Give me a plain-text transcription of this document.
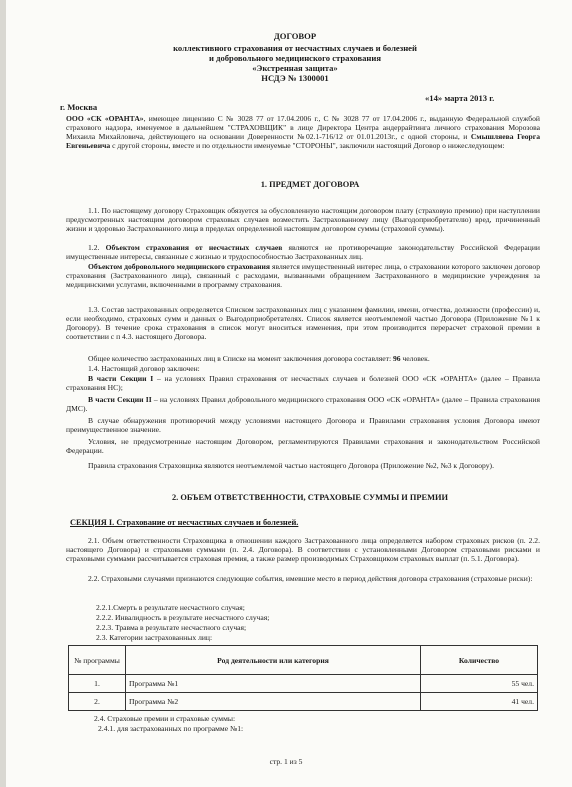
ДОГОВОР
коллективного страхования от несчастных случаев и болезней
и добровольного медицинского страхования
«Экстренная защита»
НСДЭ № 1300001
«14» марта 2013 г.
г. Москва
ООО «СК «ОРАНТА», имеющее лицензию С № 3028 77 от 17.04.2006 г., С № 3028 77 от 17.04.2006 г., выданную Федеральной службой страхового надзора, именуемое в дальнейшем "СТРАХОВЩИК" в лице Директора Центра андеррайтинга личного страхования Морозова Михаила Михайловича, действующего на основании Доверенности №02.1-716/12 от 01.01.2013г., с одной стороны, и Смышляева Георга Евгеньевича с другой стороны, вместе и по отдельности именуемые "СТОРОНЫ", заключили настоящий Договор о нижеследующем:
1. ПРЕДМЕТ ДОГОВОРА
1.1. По настоящему договору Страховщик обязуется за обусловленную настоящим договором плату (страховую премию) при наступлении предусмотренных настоящим договором страховых случаев возместить Застрахованному лицу (Выгодоприобретателю) вред, причиненный жизни и здоровью Застрахованного лица в пределах определенной настоящим договором суммы (страховой суммы).
1.2. Объектом страхования от несчастных случаев являются не противоречащие законодательству Российской Федерации имущественные интересы, связанные с жизнью и трудоспособностью Застрахованных лиц.
Объектом добровольного медицинского страхования является имущественный интерес лица, о страховании которого заключен договор страхования (Застрахованного лица), связанный с расходами, вызванными обращением Застрахованного в медицинские учреждения за медицинскими услугами, включенными в программу страхования.
1.3. Состав застрахованных определяется Списком застрахованных лиц с указанием фамилии, имени, отчества, должности (профессии) и, если необходимо, страховых сумм и данных о Выгодоприобретателях. Список является неотъемлемой частью Договора (Приложение №1 к Договору). В течение срока страхования в список могут вноситься изменения, при этом производится перерасчет страховой премии в соответствии с п 4.3. настоящего Договора.
Общее количество застрахованных лиц в Списке на момент заключения договора составляет: 96 человек.
1.4. Настоящий договор заключен:
В части Секции I – на условиях Правил страхования от несчастных случаев и болезней ООО «СК «ОРАНТА» (далее – Правила страхования НС);
В части Секции II – на условиях Правил добровольного медицинского страхования ООО «СК «ОРАНТА» (далее – Правила страхования ДМС).
В случае обнаружения противоречий между условиями настоящего Договора и Правилами страхования условия Договора имеют преимущественное значение.
Условия, не предусмотренные настоящим Договором, регламентируются Правилами страхования и законодательством Российской Федерации.
Правила страхования Страховщика являются неотъемлемой частью настоящего Договора (Приложение №2, №3 к Договору).
2. ОБЪЕМ ОТВЕТСТВЕННОСТИ, СТРАХОВЫЕ СУММЫ И ПРЕМИИ
СЕКЦИЯ I. Страхование от несчастных случаев и болезней.
2.1. Объем ответственности Страховщика в отношении каждого Застрахованного лица определяется набором страховых рисков (п. 2.2. настоящего Договора) и страховыми суммами (п. 2.4. Договора). В соответствии с установленными Договором страховыми рисками и страховыми суммами рассчитывается страховая премия, а также размер производимых Страховщиком страховых выплат (п. 5.1. Договора).
2.2. Страховыми случаями признаются следующие события, имевшие место в период действия договора страхования (страховые риски):
2.2.1.Смерть в результате несчастного случая;
2.2.2. Инвалидность в результате несчастного случая;
2.2.3. Травма в результате несчастного случая;
2.3. Категории застрахованных лиц:
№ программы	Род деятельности или категория	Количество
1.	Программа №1	55 чел.
2.	Программа №2	41 чел.
2.4. Страховые премии и страховые суммы:
2.4.1. для застрахованных по программе №1:
стр. 1 из 5
